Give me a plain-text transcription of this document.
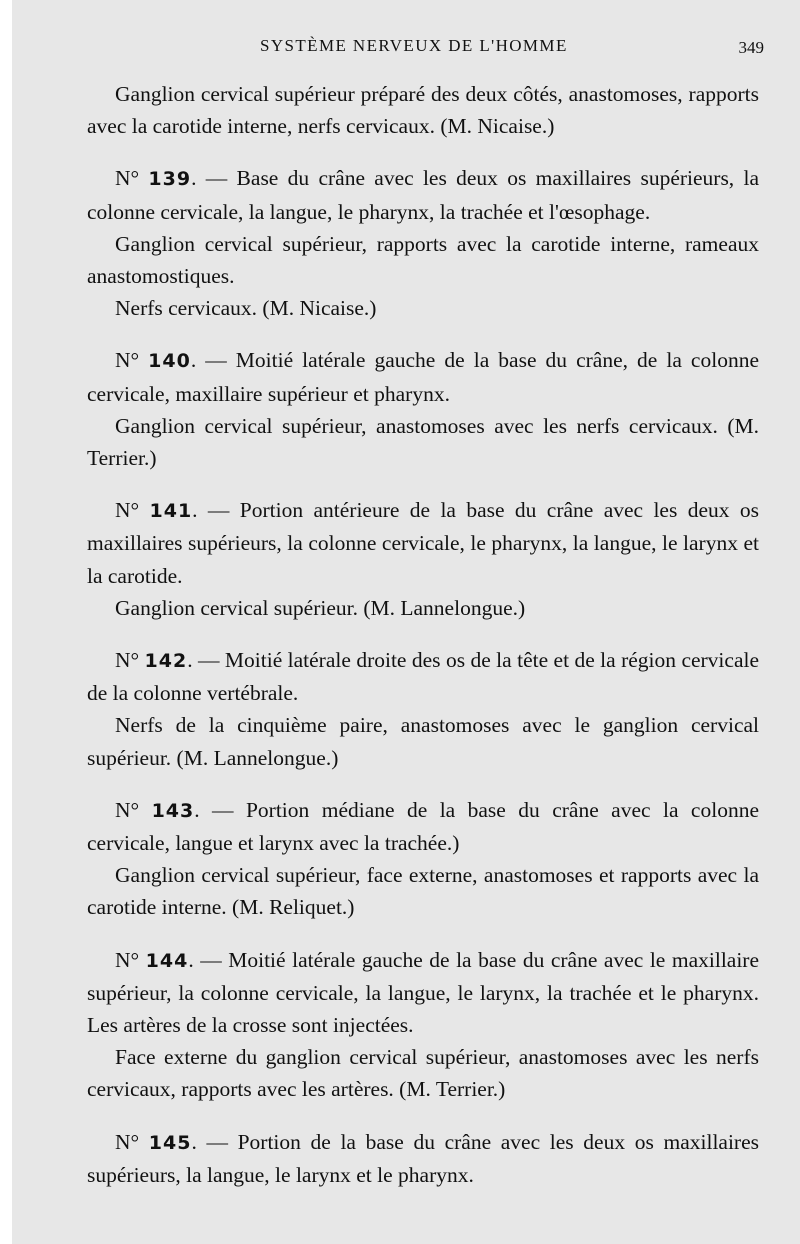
SYSTÈME NERVEUX DE L'HOMME	349

Ganglion cervical supérieur préparé des deux côtés, anastomoses, rapports avec la carotide interne, nerfs cervicaux. (M. Nicaise.)

N° 139. — Base du crâne avec les deux os maxillaires supérieurs, la colonne cervicale, la langue, le pharynx, la trachée et l'œsophage.

Ganglion cervical supérieur, rapports avec la carotide interne, rameaux anastomostiques.

Nerfs cervicaux. (M. Nicaise.)

N° 140. — Moitié latérale gauche de la base du crâne, de la colonne cervicale, maxillaire supérieur et pharynx.

Ganglion cervical supérieur, anastomoses avec les nerfs cervicaux. (M. Terrier.)

N° 141. — Portion antérieure de la base du crâne avec les deux os maxillaires supérieurs, la colonne cervicale, le pharynx, la langue, le larynx et la carotide.

Ganglion cervical supérieur. (M. Lannelongue.)

N° 142. — Moitié latérale droite des os de la tête et de la région cervicale de la colonne vertébrale.

Nerfs de la cinquième paire, anastomoses avec le ganglion cervical supérieur. (M. Lannelongue.)

N° 143. — Portion médiane de la base du crâne avec la colonne cervicale, langue et larynx avec la trachée.)

Ganglion cervical supérieur, face externe, anastomoses et rapports avec la carotide interne. (M. Reliquet.)

N° 144. — Moitié latérale gauche de la base du crâne avec le maxillaire supérieur, la colonne cervicale, la langue, le larynx, la trachée et le pharynx. Les artères de la crosse sont injectées.

Face externe du ganglion cervical supérieur, anastomoses avec les nerfs cervicaux, rapports avec les artères. (M. Terrier.)

N° 145. — Portion de la base du crâne avec les deux os maxillaires supérieurs, la langue, le larynx et le pharynx.
